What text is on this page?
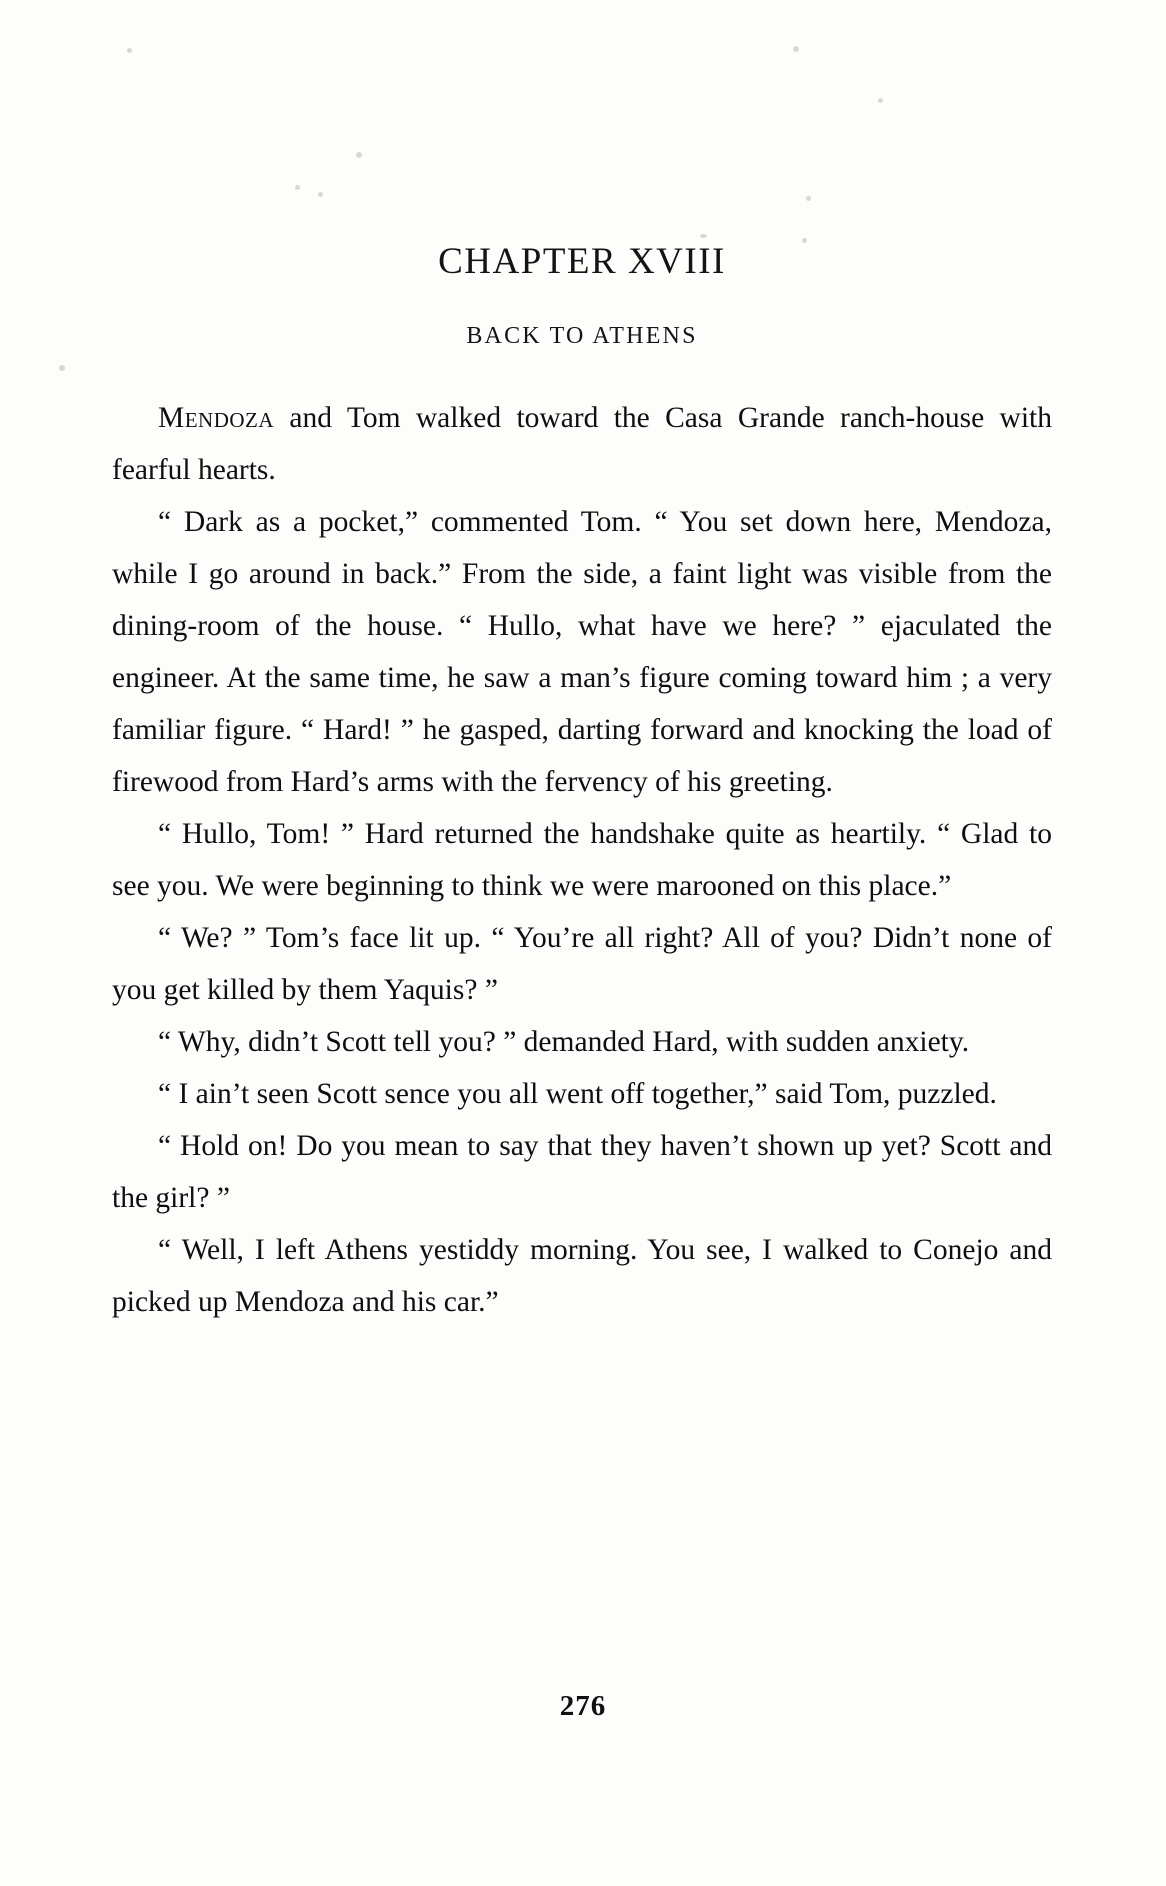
CHAPTER XVIII
BACK TO ATHENS

Mendoza and Tom walked toward the Casa Grande ranch-house with fearful hearts.

“ Dark as a pocket,” commented Tom. “ You set down here, Mendoza, while I go around in back.” From the side, a faint light was visible from the dining-room of the house. “ Hullo, what have we here? ” ejaculated the engineer. At the same time, he saw a man’s figure coming toward him ; a very familiar figure. “ Hard! ” he gasped, darting forward and knocking the load of firewood from Hard’s arms with the fervency of his greeting.

“ Hullo, Tom! ” Hard returned the handshake quite as heartily. “ Glad to see you. We were beginning to think we were marooned on this place.”

“ We? ” Tom’s face lit up. “ You’re all right? All of you? Didn’t none of you get killed by them Yaquis? ”

“ Why, didn’t Scott tell you? ” demanded Hard, with sudden anxiety.

“ I ain’t seen Scott sence you all went off together,” said Tom, puzzled.

“ Hold on! Do you mean to say that they haven’t shown up yet? Scott and the girl? ”

“ Well, I left Athens yestiddy morning. You see, I walked to Conejo and picked up Mendoza and his car.”

276
